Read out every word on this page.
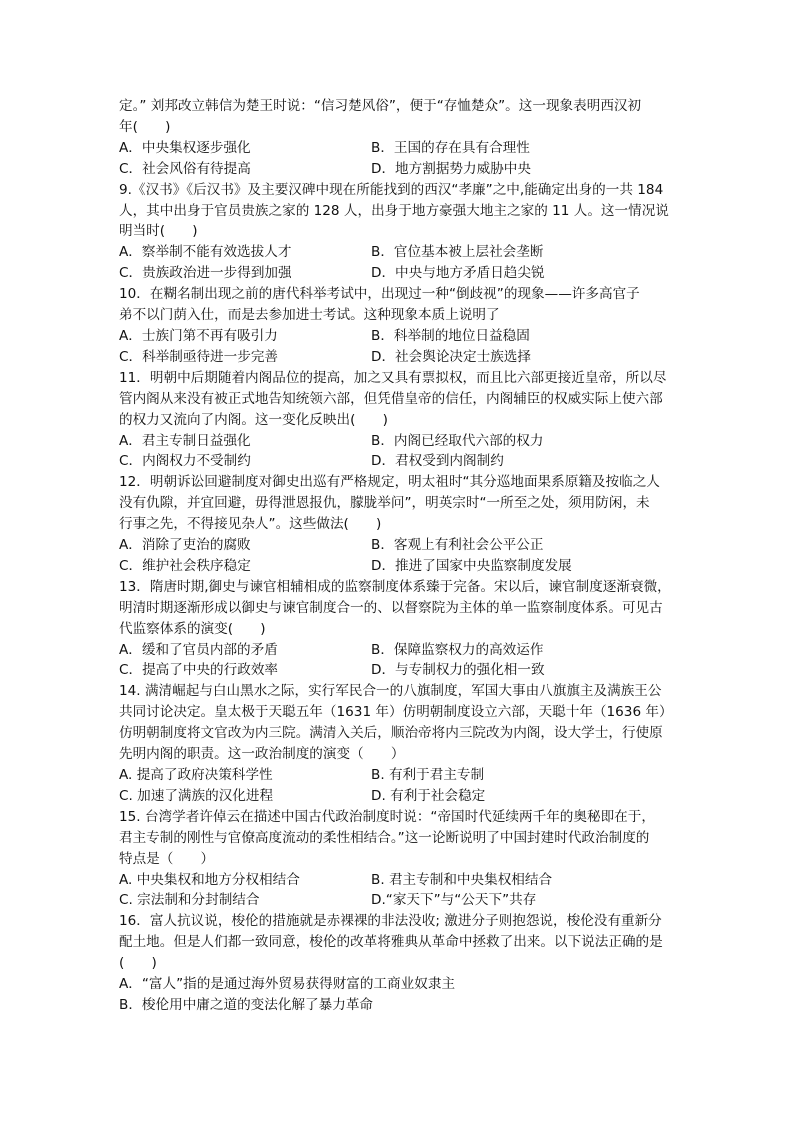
定。” 刘邦改立韩信为楚王时说：“信习楚风俗”，便于“存恤楚众”。这一现象表明西汉初
年(　　)
A．中央集权逐步强化	B．王国的存在具有合理性
C．社会风俗有待提高	D．地方割据势力威胁中央
9.《汉书》《后汉书》及主要汉碑中现在所能找到的西汉“孝廉”之中,能确定出身的一共 184
人，其中出身于官员贵族之家的 128 人，出身于地方豪强大地主之家的 11 人。这一情况说
明当时(　　)
A．察举制不能有效选拔人才	B．官位基本被上层社会垄断
C．贵族政治进一步得到加强	D．中央与地方矛盾日趋尖锐
10．在糊名制出现之前的唐代科举考试中，出现过一种“倒歧视”的现象——许多高官子
弟不以门荫入仕，而是去参加进士考试。这种现象本质上说明了
A．士族门第不再有吸引力	B．科举制的地位日益稳固
C．科举制亟待进一步完善	D．社会舆论决定士族选择
11．明朝中后期随着内阁品位的提高，加之又具有票拟权，而且比六部更接近皇帝，所以尽
管内阁从来没有被正式地告知统领六部，但凭借皇帝的信任，内阁辅臣的权威实际上使六部
的权力又流向了内阁。这一变化反映出(　　)
A．君主专制日益强化	B．内阁已经取代六部的权力
C．内阁权力不受制约	D．君权受到内阁制约
12．明朝诉讼回避制度对御史出巡有严格规定，明太祖时“其分巡地面果系原籍及按临之人
没有仇隙，并宜回避，毋得泄恩报仇，朦胧举问”，明英宗时“一所至之处，须用防闲，未
行事之先，不得接见杂人”。这些做法(　　)
A．消除了吏治的腐败	B．客观上有利社会公平公正
C．维护社会秩序稳定	D．推进了国家中央监察制度发展
13．隋唐时期,御史与谏官相辅相成的监察制度体系臻于完备。宋以后，谏官制度逐渐衰微，
明清时期逐渐形成以御史与谏官制度合一的、以督察院为主体的单一监察制度体系。可见古
代监察体系的演变(　　)
A．缓和了官员内部的矛盾	B．保障监察权力的高效运作
C．提高了中央的行政效率	D．与专制权力的强化相一致
14. 满清崛起与白山黑水之际，实行军民合一的八旗制度，军国大事由八旗旗主及满族王公
共同讨论决定。皇太极于天聪五年（1631 年）仿明朝制度设立六部，天聪十年（1636 年）
仿明朝制度将文官改为内三院。满清入关后，顺治帝将内三院改为内阁，设大学士，行使原
先明内阁的职责。这一政治制度的演变（　　）
A. 提高了政府决策科学性	B. 有利于君主专制
C. 加速了满族的汉化进程	D. 有利于社会稳定
15. 台湾学者许倬云在描述中国古代政治制度时说：“帝国时代延续两千年的奥秘即在于，
君主专制的刚性与官僚高度流动的柔性相结合。”这一论断说明了中国封建时代政治制度的
特点是（　　）
A. 中央集权和地方分权相结合	B. 君主专制和中央集权相结合
C. 宗法制和分封制结合	D.“家天下”与“公天下”共存
16．富人抗议说，梭伦的措施就是赤裸裸的非法没收; 激进分子则抱怨说，梭伦没有重新分
配土地。但是人们都一致同意，梭伦的改革将雅典从革命中拯救了出来。以下说法正确的是
(　　)
A．“富人”指的是通过海外贸易获得财富的工商业奴隶主
B．梭伦用中庸之道的变法化解了暴力革命
